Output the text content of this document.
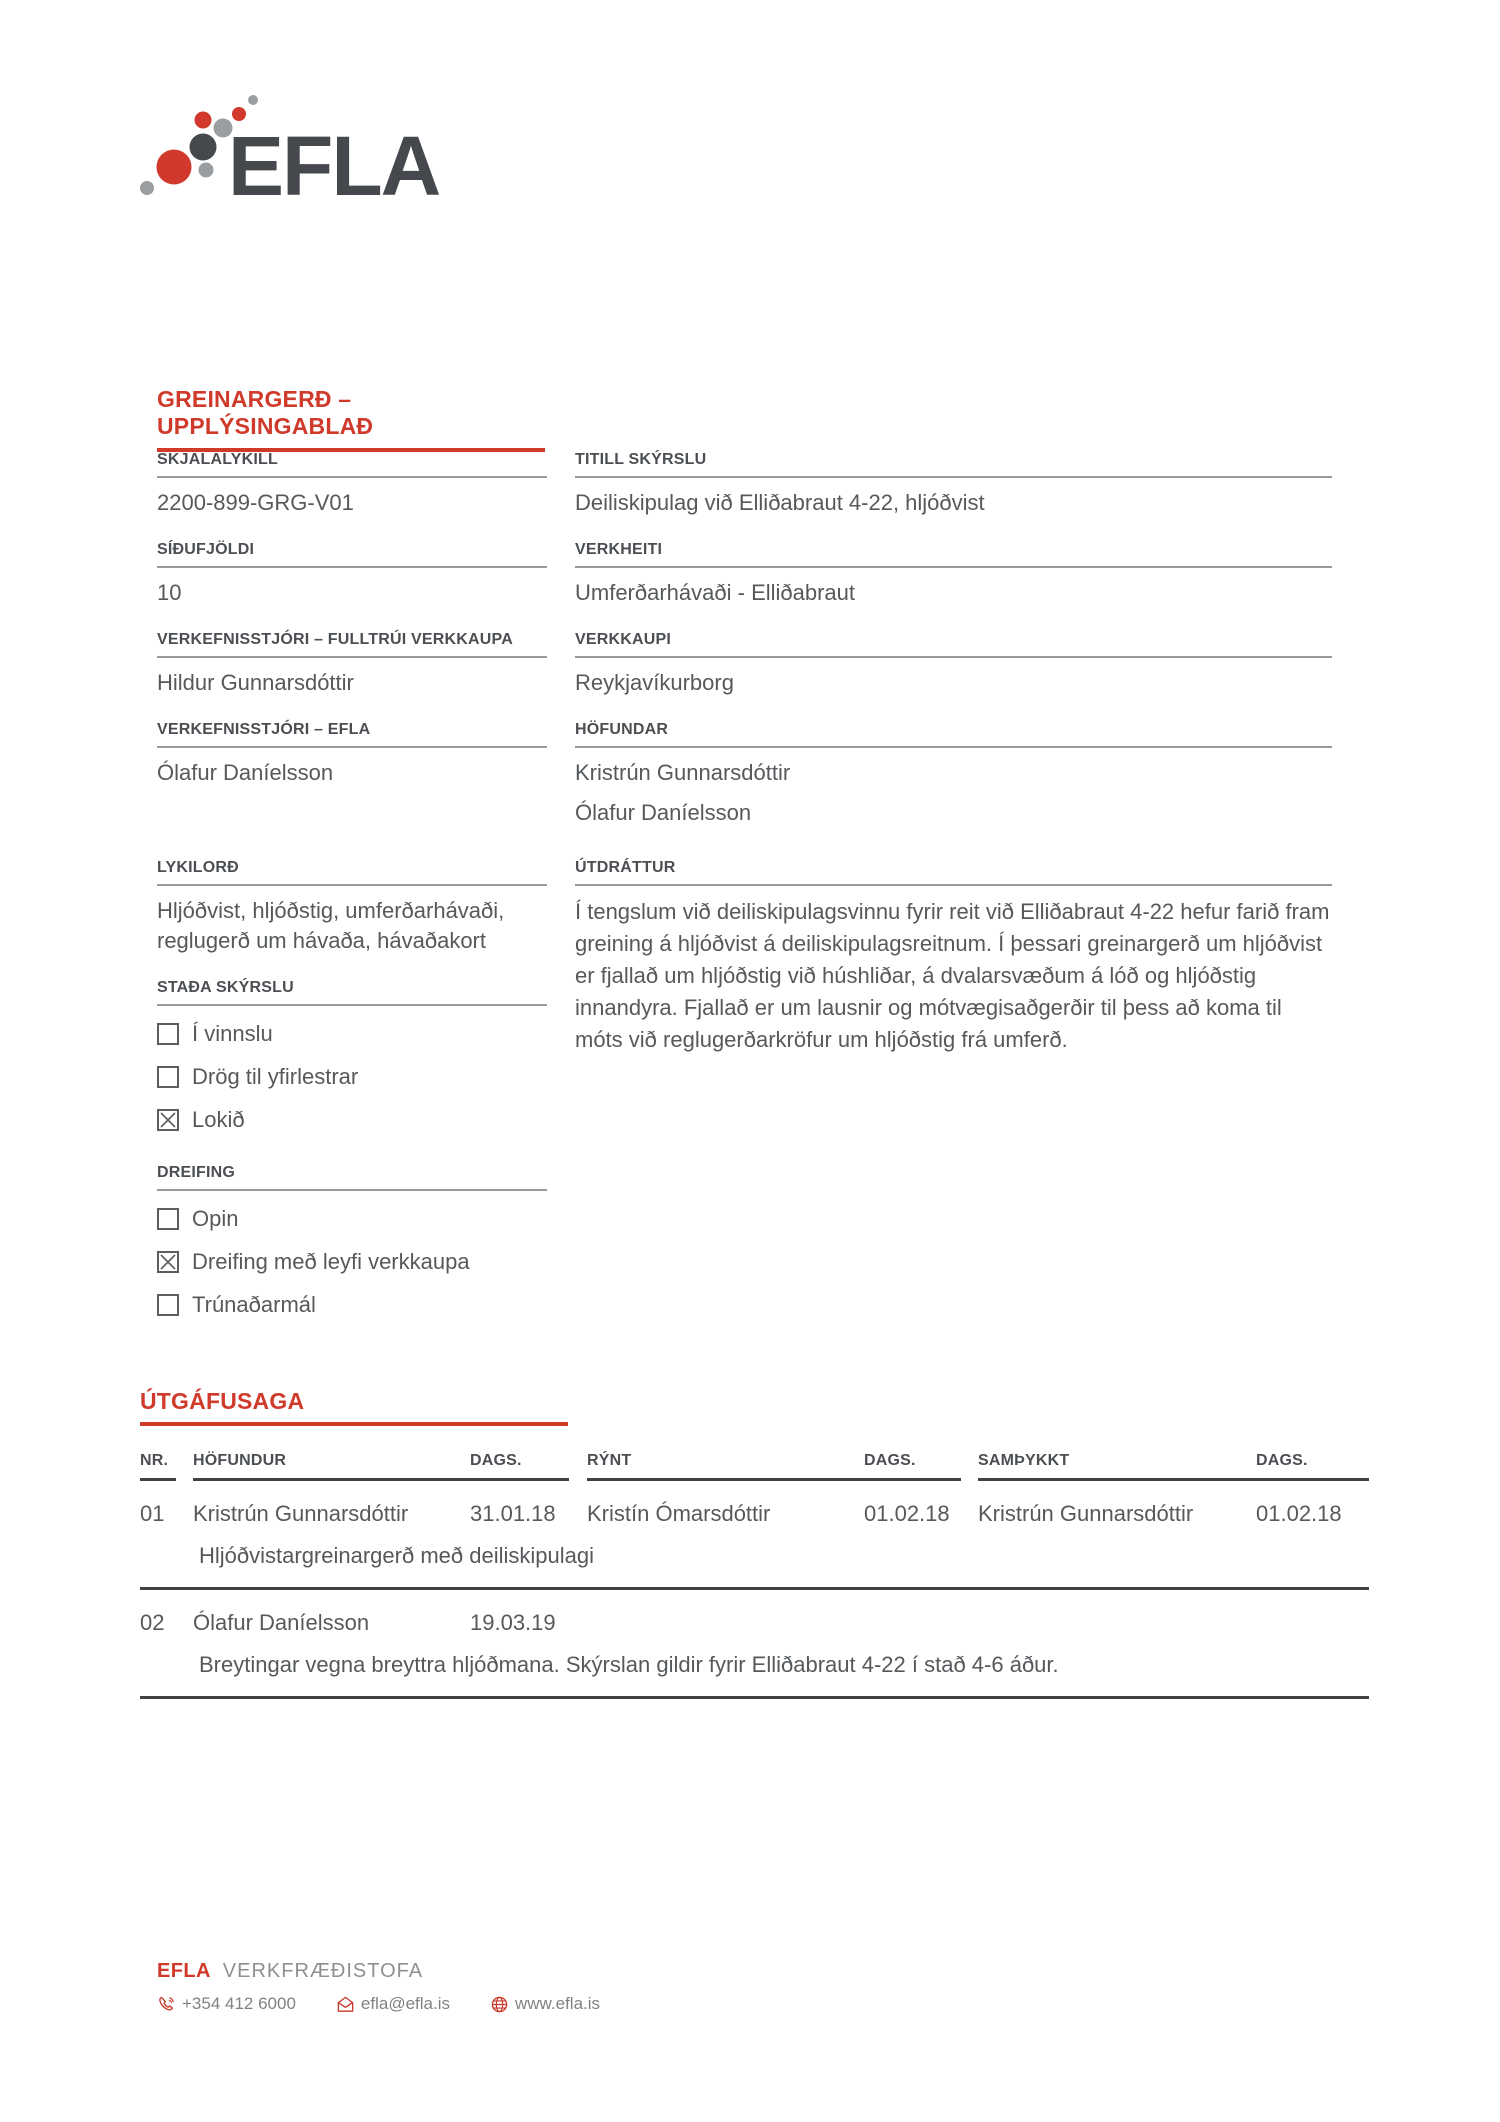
EFLA
GREINARGERÐ – UPPLÝSINGABLAÐ
SKJALALYKILL
2200-899-GRG-V01
SÍÐUFJÖLDI
10
VERKEFNISSTJÓRI – FULLTRÚI VERKKAUPA
Hildur Gunnarsdóttir
VERKEFNISSTJÓRI – EFLA
Ólafur Daníelsson
LYKILORÐ
Hljóðvist, hljóðstig, umferðarhávaði, reglugerð um hávaða, hávaðakort
STAÐA SKÝRSLU
Í vinnslu
Drög til yfirlestrar
Lokið
DREIFING
Opin
Dreifing með leyfi verkkaupa
Trúnaðarmál
TITILL SKÝRSLU
Deiliskipulag við Elliðabraut 4-22, hljóðvist
VERKHEITI
Umferðarhávaði - Elliðabraut
VERKKAUPI
Reykjavíkurborg
HÖFUNDAR
Kristrún Gunnarsdóttir
Ólafur Daníelsson
ÚTDRÁTTUR
Í tengslum við deiliskipulagsvinnu fyrir reit við Elliðabraut 4-22 hefur farið fram greining á hljóðvist á deiliskipulagsreitnum. Í þessari greinargerð um hljóðvist er fjallað um hljóðstig við húshliðar, á dvalarsvæðum á lóð og hljóðstig innandyra. Fjallað er um lausnir og mótvægisaðgerðir til þess að koma til móts við reglugerðarkröfur um hljóðstig frá umferð.
ÚTGÁFUSAGA
NR.	HÖFUNDUR	DAGS.	RÝNT	DAGS.	SAMÞYKKT	DAGS.
01	Kristrún Gunnarsdóttir	31.01.18	Kristín Ómarsdóttir	01.02.18	Kristrún Gunnarsdóttir	01.02.18
Hljóðvistargreinargerð með deiliskipulagi
02	Ólafur Daníelsson	19.03.19
Breytingar vegna breyttra hljóðmana. Skýrslan gildir fyrir Elliðabraut 4-22 í stað 4-6 áður.
EFLA VERKFRÆÐISTOFA
+354 412 6000	efla@efla.is	www.efla.is
